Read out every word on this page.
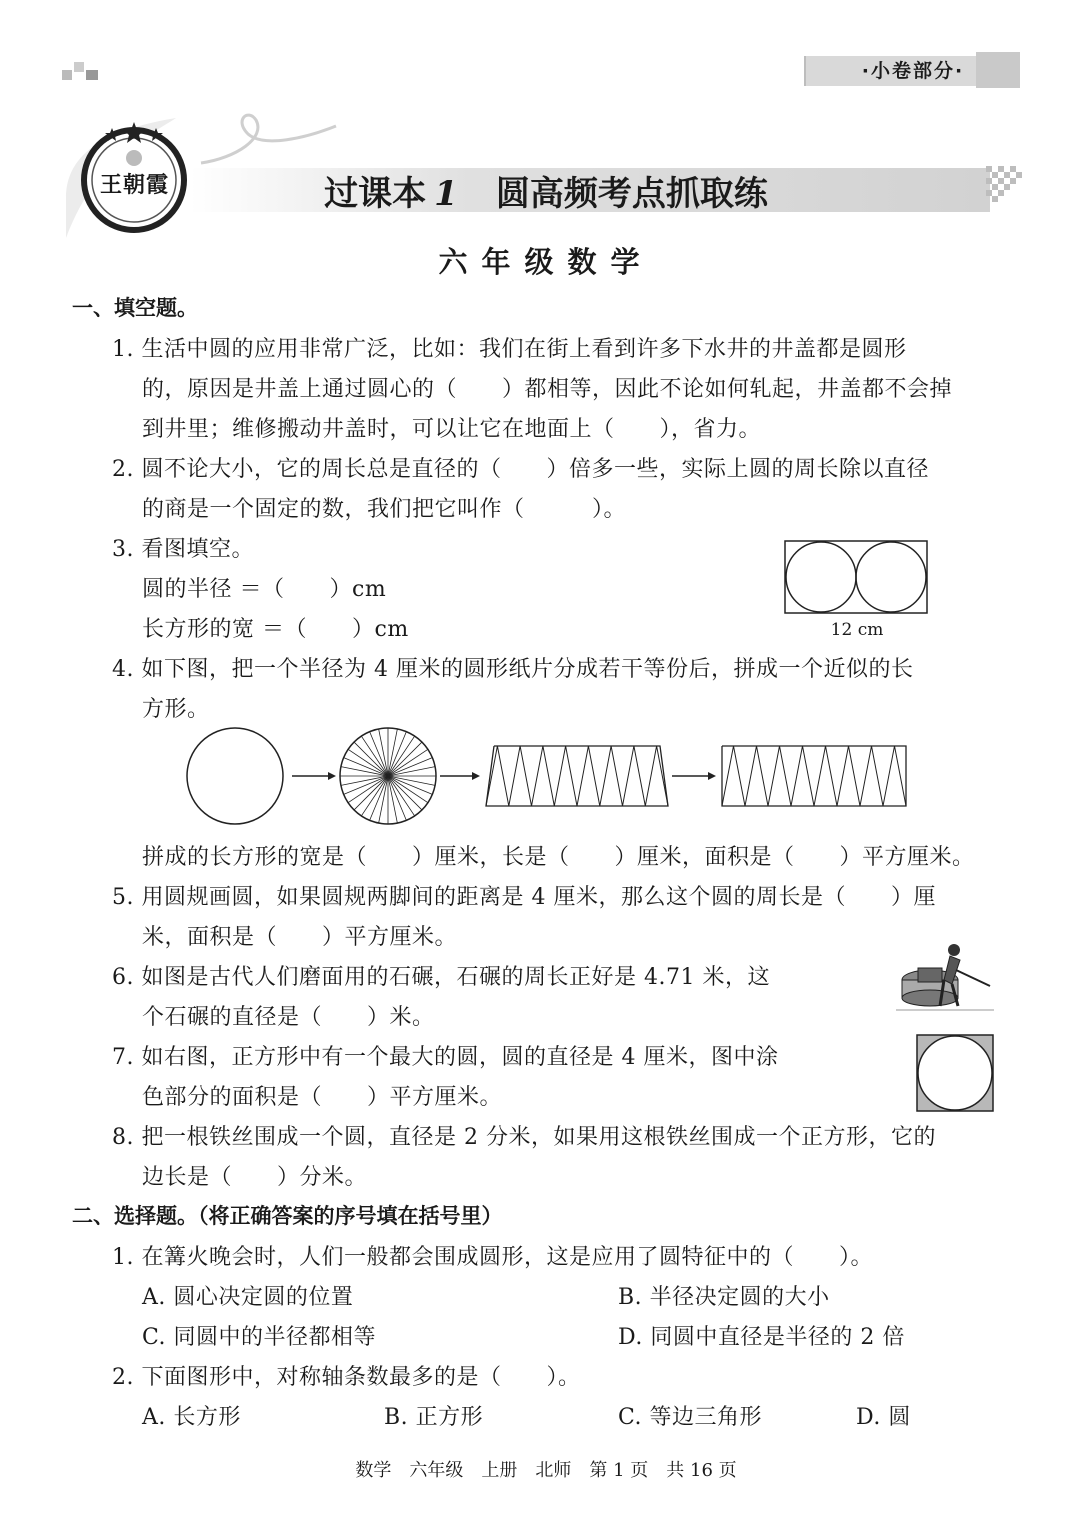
·小卷部分·
王朝霞	过课本 1 圆高频考点抓取练
六年级数学
一、填空题。
1. 生活中圆的应用非常广泛，比如：我们在街上看到许多下水井的井盖都是圆形
的，原因是井盖上通过圆心的（　　）都相等，因此不论如何轧起，井盖都不会掉
到井里；维修搬动井盖时，可以让它在地面上（　　），省力。
2. 圆不论大小，它的周长总是直径的（　　）倍多一些，实际上圆的周长除以直径
的商是一个固定的数，我们把它叫作（　　　）。
3. 看图填空。
圆的半径 ＝（　　）cm
长方形的宽 ＝（　　）cm	12 cm
4. 如下图，把一个半径为 4 厘米的圆形纸片分成若干等份后，拼成一个近似的长
方形。
拼成的长方形的宽是（　　）厘米，长是（　　）厘米，面积是（　　）平方厘米。
5. 用圆规画圆，如果圆规两脚间的距离是 4 厘米，那么这个圆的周长是（　　）厘
米，面积是（　　）平方厘米。
6. 如图是古代人们磨面用的石碾，石碾的周长正好是 4.71 米，这
个石碾的直径是（　　）米。
7. 如右图，正方形中有一个最大的圆，圆的直径是 4 厘米，图中涂
色部分的面积是（　　）平方厘米。
8. 把一根铁丝围成一个圆，直径是 2 分米，如果用这根铁丝围成一个正方形，它的
边长是（　　）分米。
二、选择题。（将正确答案的序号填在括号里）
1. 在篝火晚会时，人们一般都会围成圆形，这是应用了圆特征中的（　　）。
A. 圆心决定圆的位置	B. 半径决定圆的大小
C. 同圆中的半径都相等	D. 同圆中直径是半径的 2 倍
2. 下面图形中，对称轴条数最多的是（　　）。
A. 长方形	B. 正方形	C. 等边三角形	D. 圆
数学　六年级　上册　北师　第 1 页　共 16 页
